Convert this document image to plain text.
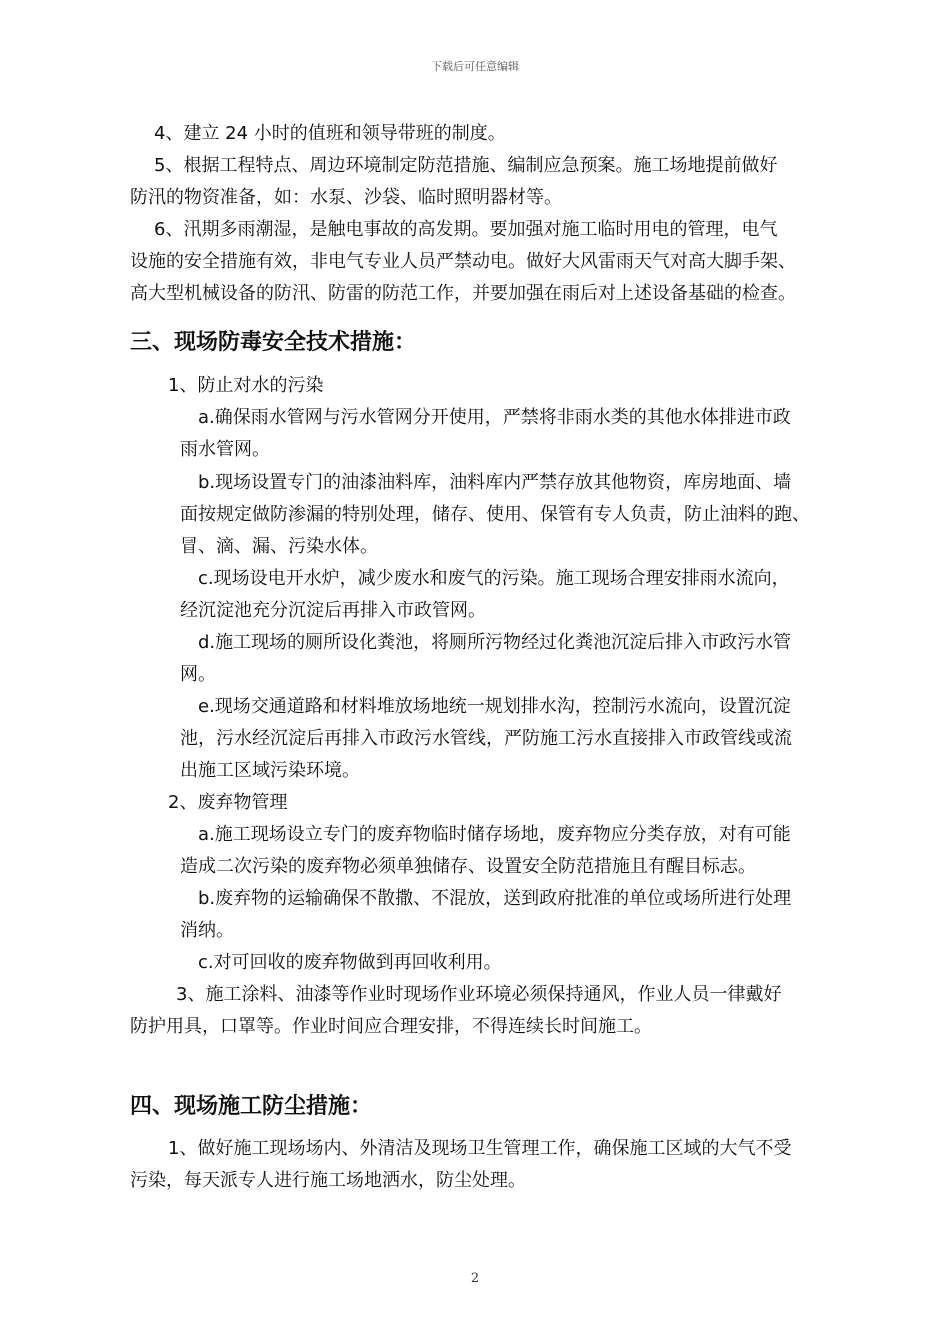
下载后可任意编辑
4、建立 24 小时的值班和领导带班的制度。
5、根据工程特点、周边环境制定防范措施、编制应急预案。施工场地提前做好
防汛的物资准备，如：水泵、沙袋、临时照明器材等。
6、汛期多雨潮湿，是触电事故的高发期。要加强对施工临时用电的管理，电气
设施的安全措施有效，非电气专业人员严禁动电。做好大风雷雨天气对高大脚手架、
高大型机械设备的防汛、防雷的防范工作，并要加强在雨后对上述设备基础的检查。
三、现场防毒安全技术措施：
1、防止对水的污染
a.确保雨水管网与污水管网分开使用，严禁将非雨水类的其他水体排进市政
雨水管网。
b.现场设置专门的油漆油料库，油料库内严禁存放其他物资，库房地面、墙
面按规定做防渗漏的特别处理，储存、使用、保管有专人负责，防止油料的跑、
冒、滴、漏、污染水体。
c.现场设电开水炉，减少废水和废气的污染。施工现场合理安排雨水流向，
经沉淀池充分沉淀后再排入市政管网。
d.施工现场的厕所设化粪池，将厕所污物经过化粪池沉淀后排入市政污水管
网。
e.现场交通道路和材料堆放场地统一规划排水沟，控制污水流向，设置沉淀
池，污水经沉淀后再排入市政污水管线，严防施工污水直接排入市政管线或流
出施工区域污染环境。
2、废弃物管理
a.施工现场设立专门的废弃物临时储存场地，废弃物应分类存放，对有可能
造成二次污染的废弃物必须单独储存、设置安全防范措施且有醒目标志。
b.废弃物的运输确保不散撒、不混放，送到政府批准的单位或场所进行处理
消纳。
c.对可回收的废弃物做到再回收利用。
3、施工涂料、油漆等作业时现场作业环境必须保持通风，作业人员一律戴好
防护用具，口罩等。作业时间应合理安排，不得连续长时间施工。
四、现场施工防尘措施：
1、做好施工现场场内、外清洁及现场卫生管理工作，确保施工区域的大气不受
污染，每天派专人进行施工场地洒水，防尘处理。
2
